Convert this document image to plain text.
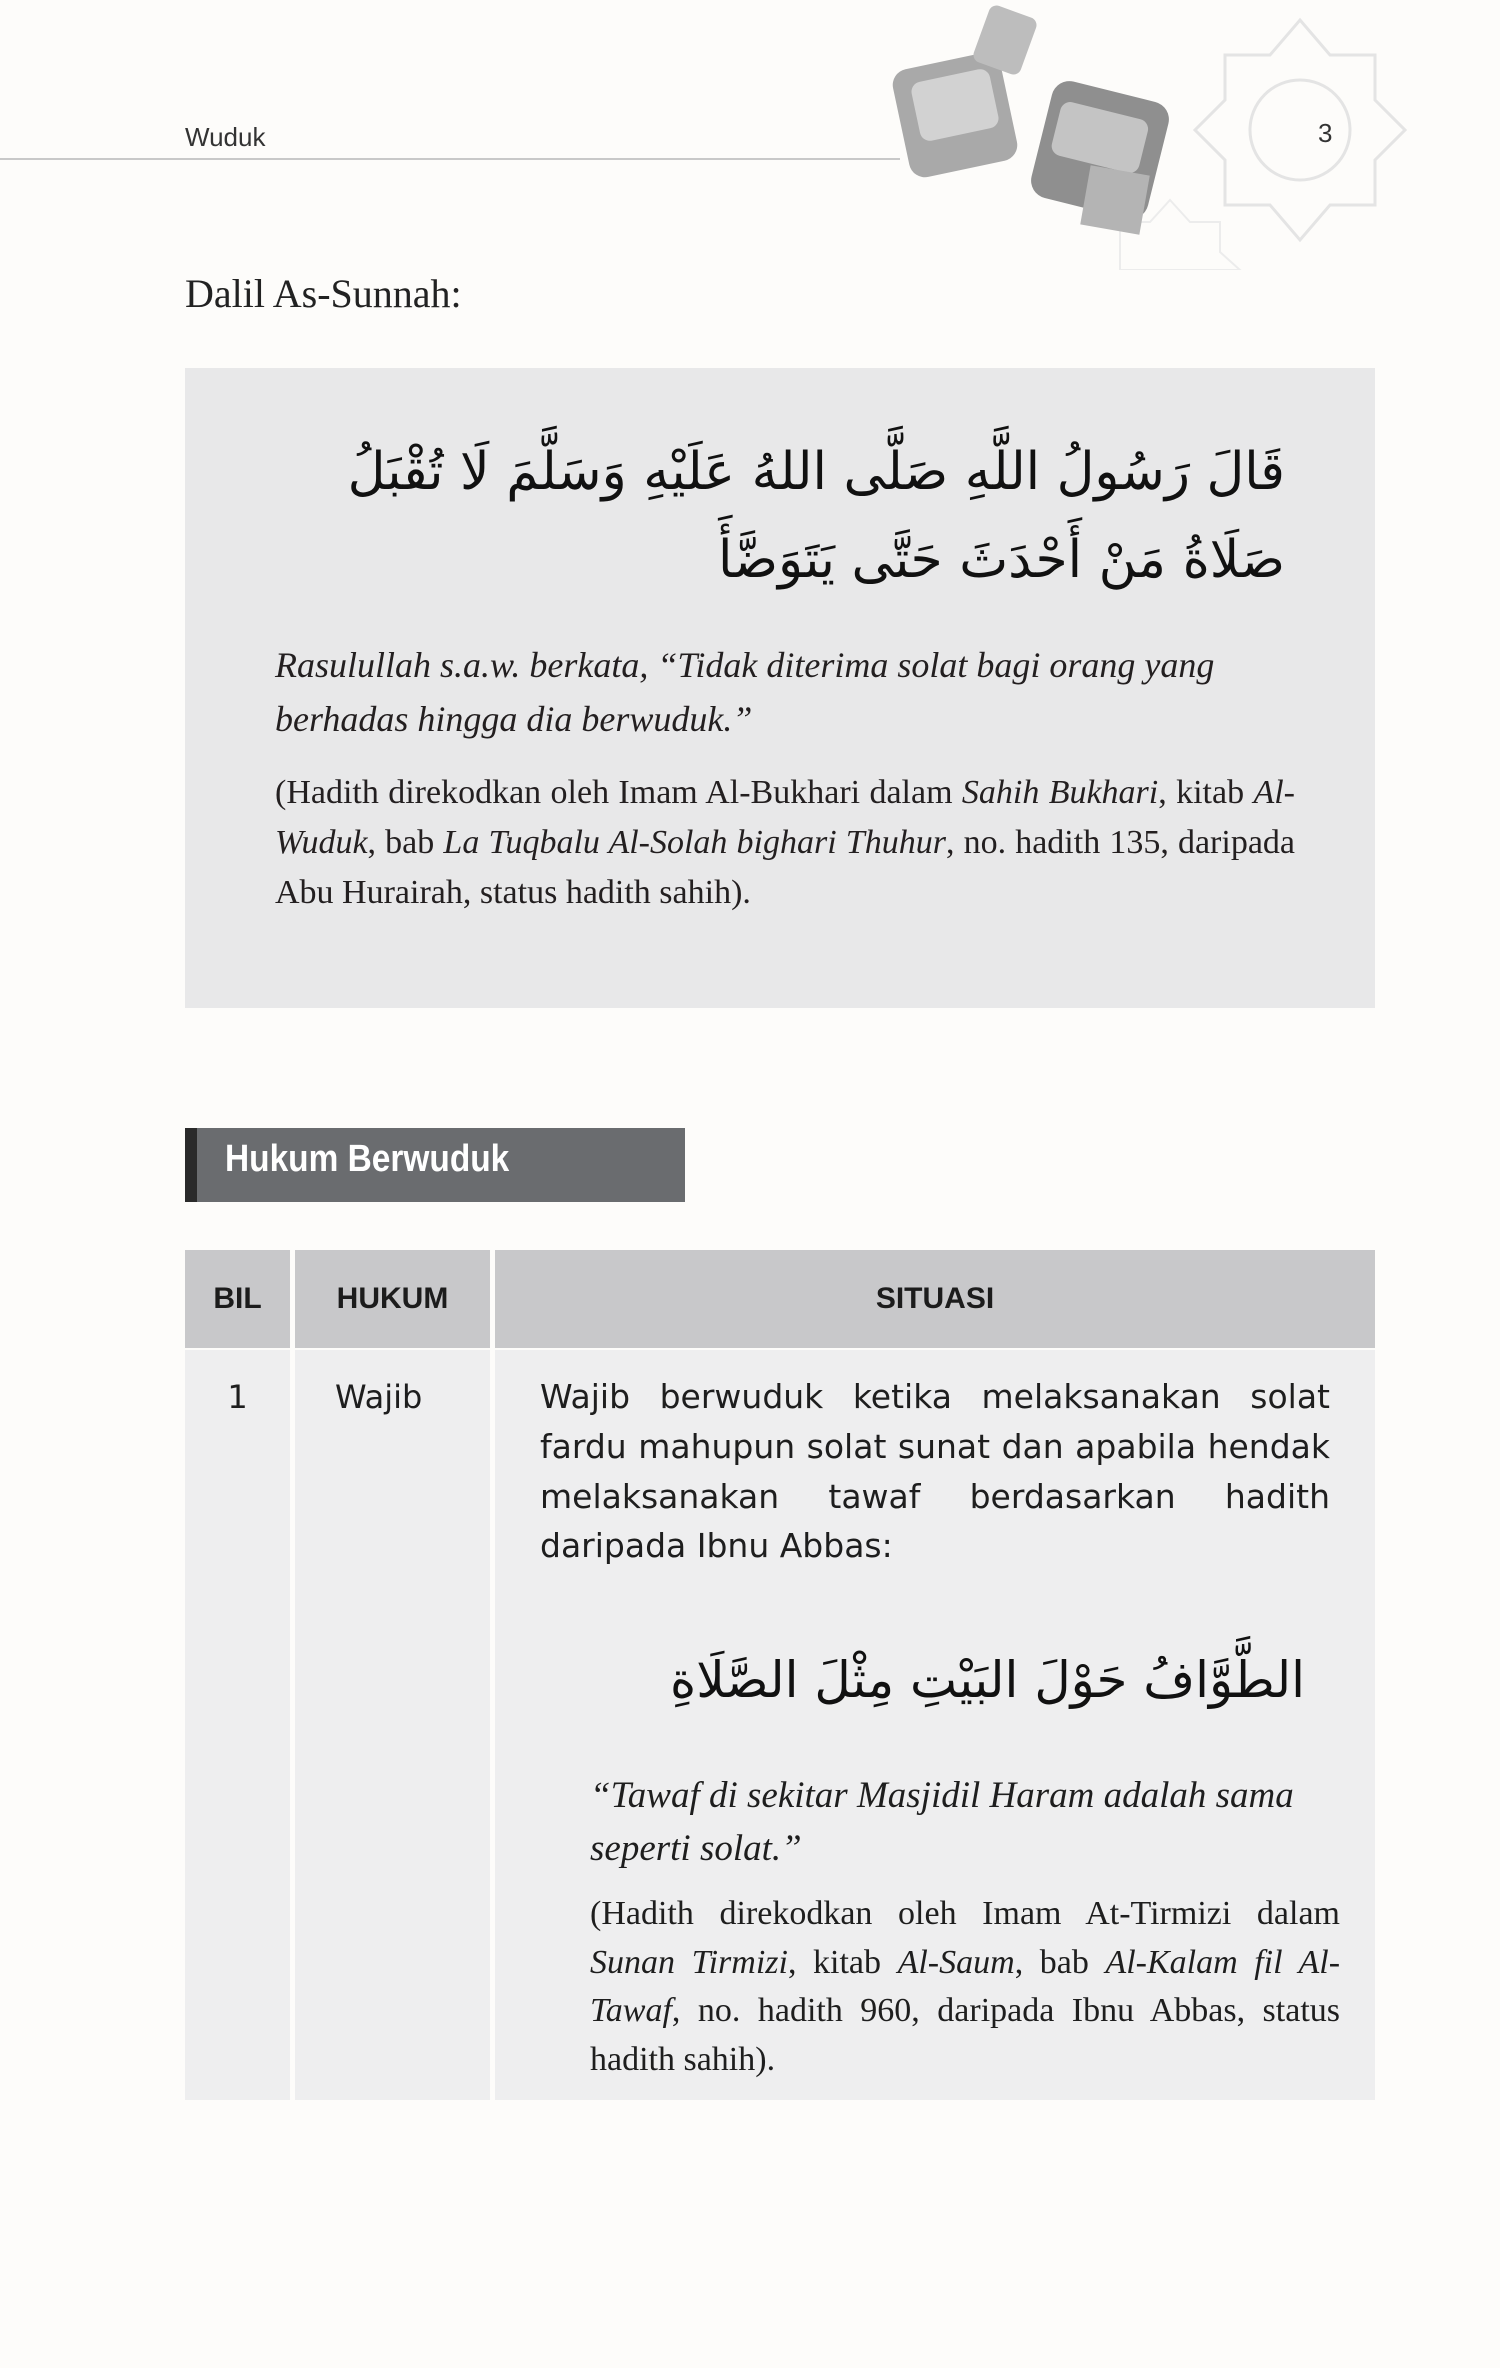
Wuduk	3
Dalil As-Sunnah:
قَالَ رَسُولُ اللَّهِ صَلَّى اللهُ عَلَيْهِ وَسَلَّمَ لَا تُقْبَلُ صَلَاةُ مَنْ أَحْدَثَ حَتَّى يَتَوَضَّأَ
Rasulullah s.a.w. berkata, “Tidak diterima solat bagi orang yang berhadas hingga dia berwuduk.”
(Hadith direkodkan oleh Imam Al-Bukhari dalam Sahih Bukhari, kitab Al-Wuduk, bab La Tuqbalu Al-Solah bighari Thuhur, no. hadith 135, daripada Abu Hurairah, status hadith sahih).
Hukum Berwuduk
BIL	HUKUM	SITUASI
1	Wajib	Wajib berwuduk ketika melaksanakan solat fardu mahupun solat sunat dan apabila hendak melaksanakan tawaf berdasarkan hadith daripada Ibnu Abbas:
الطَّوَّافُ حَوْلَ البَيْتِ مِثْلَ الصَّلَاةِ
“Tawaf di sekitar Masjidil Haram adalah sama seperti solat.”
(Hadith direkodkan oleh Imam At-Tirmizi dalam Sunan Tirmizi, kitab Al-Saum, bab Al-Kalam fil Al-Tawaf, no. hadith 960, daripada Ibnu Abbas, status hadith sahih).
